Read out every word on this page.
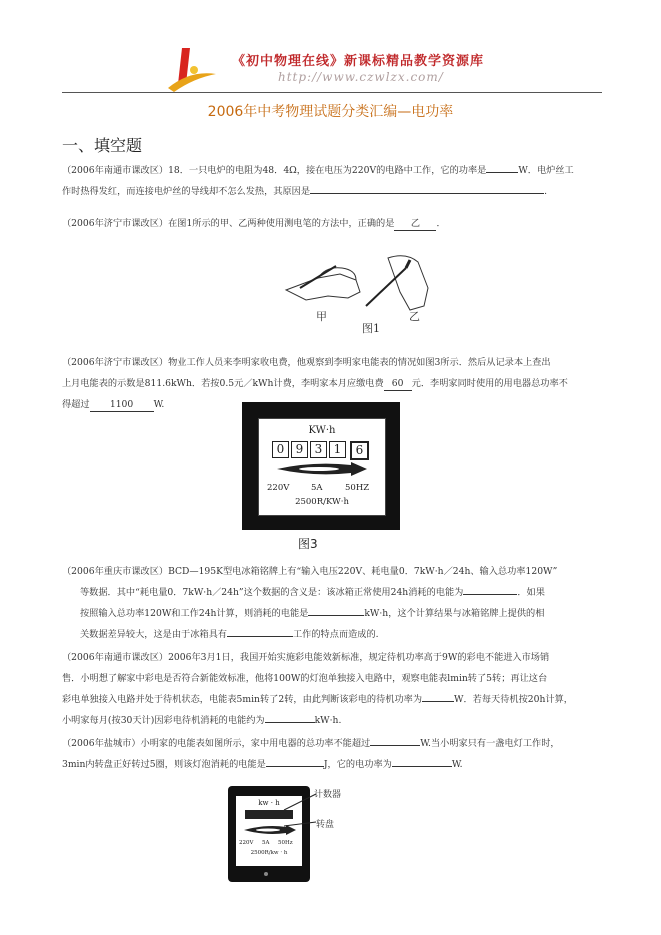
《初中物理在线》新课标精品教学资源库
http://www.czwlzx.com/
2006年中考物理试题分类汇编—电功率
一、填空题
（2006年南通市课改区）18．一只电炉的电阻为48．4Ω，接在电压为220V的电路中工作，它的功率是	W．电炉丝工
作时热得发红，而连接电炉丝的导线却不怎么发热，其原因是	.
（2006年济宁市课改区）在图1所示的甲、乙两种使用测电笔的方法中，正确的是 乙 ．
甲	乙
图1
（2006年济宁市课改区）物业工作人员来李明家收电费，他观察到李明家电能表的情况如图3所示．然后从记录本上查出
上月电能表的示数是811.6kWh．若按0.5元／kWh计费，李明家本月应缴电费 60 元．李明家同时使用的用电器总功率不
得超过 1100 W.
KW·h
0 9 3 1	6
220V	5A	50HZ
2500R/KW·h
图3
（2006年重庆市课改区）BCD—195K型电冰箱铭牌上有“输入电压220V、耗电量0．7kW·h／24h、输入总功率120W”
等数据．其中“耗电量0．7kW·h／24h”这个数据的含义是：该冰箱正常使用24h消耗的电能为	．如果
按照输入总功率120W和工作24h计算，则消耗的电能是	kW·h，这个计算结果与冰箱铭牌上提供的相
关数据差异较大，这是由于冰箱具有	工作的特点而造成的.
（2006年南通市课改区）2006年3月1日，我国开始实施彩电能效新标准，规定待机功率高于9W的彩电不能进入市场销
售．小明想了解家中彩电是否符合新能效标准，他将100W的灯泡单独接入电路中，观察电能表lmin转了5转；再让这台
彩电单独接入电路并处于待机状态，电能表5min转了2转，由此判断该彩电的待机功率为	W．若每天待机按20h计算，
小明家每月(按30天计)因彩电待机消耗的电能约为	kW·h.
（2006年盐城市）小明家的电能表如图所示，家中用电器的总功率不能超过	W.当小明家只有一盏电灯工作时，
3min内转盘正好转过5圈，则该灯泡消耗的电能是	J，它的电功率为	W.
kw · h
220V 5A 50Hz
2500R/kw · h
计数器
转盘
